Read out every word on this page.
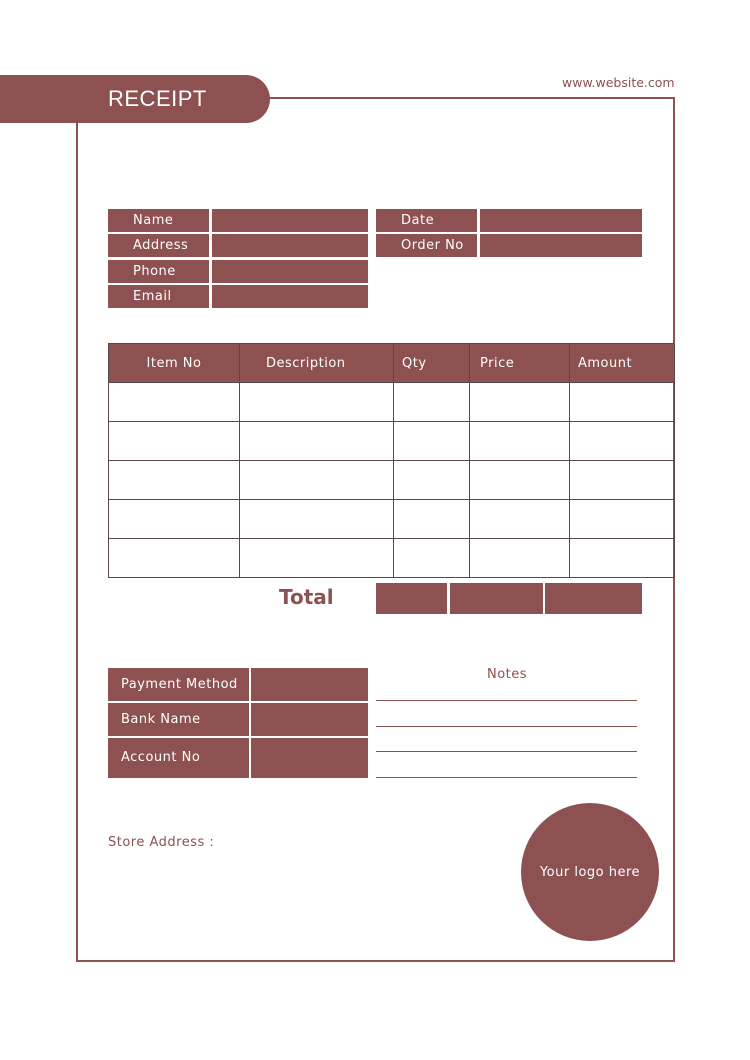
RECEIPT
www.website.com
Name
Address
Phone
Email
Date
Order No
Item No	Description	Qty	Price	Amount

Total
Payment Method
Bank Name
Account No
Notes
Store Address :
Your logo here
